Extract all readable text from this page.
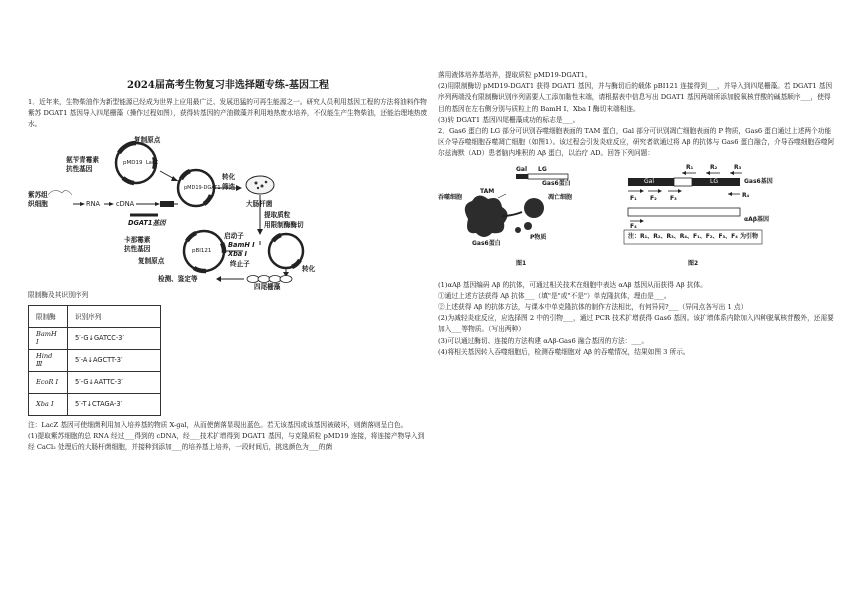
2024届高考生物复习非选择题专练-基因工程

1．近年来，生物柴油作为新型能源已经成为世界上应用最广泛、发展迅猛的可再生能源之一。研究人员利用基因工程的方法将油料作物紫苏 DGAT1 基因导入四尾栅藻（操作过程如图），获得转基因的产油微藻并利用地热废水培养，不仅能生产生物柴油，还能治理地热废水。

复制原点
氨苄青霉素
抗性基因
LacZ
pMD19
pMD19-DGAT1
转化
筛选
紫苏组
织细胞	RNA cDNA
DGAT1基因
大肠杆菌
提取质粒
用限制酶酶切
启动子
卡那霉素
抗性基因
复制原点
pBI121
BamH Ⅰ
Xba Ⅰ
终止子
转化
检测、鉴定等
四尾栅藻

限制酶及其识别序列

限制酶	识别序列
BamH Ⅰ	5′-G↓GATCC-3′
Hind Ⅲ	5′-A↓AGCTT-3′
EcoR Ⅰ	5′-G↓AATTC-3′
Xba Ⅰ	5′-T↓CTAGA-3′

注：LacZ 基因可使细菌利用加入培养基的物质 X-gal，从而使菌落显现出蓝色。若无该基因或该基因被破坏，则菌落则呈白色。

(1)提取紫苏细胞的总 RNA 经过___得到的 cDNA，经___技术扩增得到 DGAT1 基因，与克隆质粒 pMD19 连接，将连接产物导入到经 CaCl₂ 处理后的大肠杆菌细胞，并接种到添加___的培养基上培养，一段时间后，挑选颜色为___的菌

落用液体培养基培养，提取质粒 pMD19-DGAT1。

(2)用限制酶切 pMD19-DGAT1 获得 DGAT1 基因，并与酶切后的载体 pBI121 连接得到___，并导入到四尾栅藻。若 DGAT1 基因序列两端没有限制酶识别序列需要人工添加黏性末端，请根据表中信息写出 DGAT1 基因两端所添加脱氧核苷酸的碱基顺序___，使得目的基因在左右侧分别与质粒上的 BamH Ⅰ、Xba Ⅰ 酶切末端相连。

(3)转 DGAT1 基因四尾栅藻成功的标志是___。

2．Gas6 蛋白的 LG 部分可识别吞噬细胞表面的 TAM 蛋白，Gal 部分可识别凋亡细胞表面的 P 物质，Gas6 蛋白通过上述两个功能区介导吞噬细胞吞噬凋亡细胞（如图1）。该过程会引发炎症反应，研究者欲通过将 Aβ 的抗体与 Gas6 蛋白融合，介导吞噬细胞吞噬阿尔兹海默（AD）患者脑内堆积的 Aβ 蛋白，以治疗 AD。回答下列问题：

LG
Gal
Gas6蛋白
TAM
吞噬细胞	凋亡细胞
P物质
Gas6蛋白
图1
Gas6基因
Gal	LG
R₁	R₂	R₃
R₄
F₁ F₂ F₃
F₄
αAβ基因
注：R₁、R₂、R₃、R₄、F₁、F₂、F₃、F₄ 为引物
图2

(1)αAβ 基因编码 Aβ 的抗体，可通过相关技术在细胞中表达 αAβ 基因从而获得 Aβ 抗体。

①通过上述方法获得 Aβ 抗体___（填"是"或"不是"）单克隆抗体，理由是___。

②上述获得 Aβ 的抗体方法，与课本中单克隆抗体的制作方法相比，有何异同?___（异同点各写出 1 点）

(2)为减轻炎症反应，应选择图 2 中的引物___，通过 PCR 技术扩增获得 Gas6 基因。该扩增体系内除加入四种脱氧核苷酸外，还需要加入___等物质。（写出两种）

(3)可以通过酶切、连接的方法构建 αAβ-Gas6 融合基因的方法：___。

(4)将相关基因转入吞噬细胞后，检测吞噬细胞对 Aβ 的吞噬情况，结果如图 3 所示。
